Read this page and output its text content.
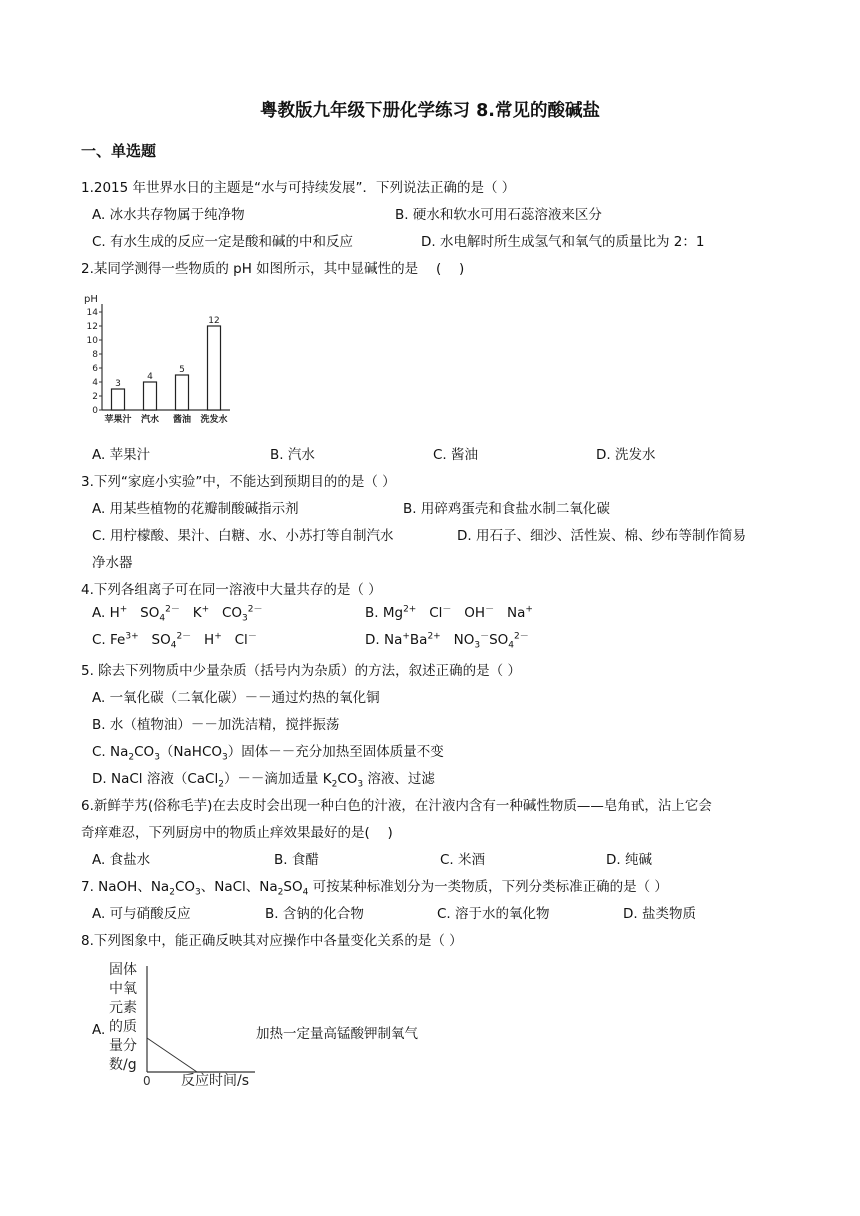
粤教版九年级下册化学练习 8.常见的酸碱盐
一、单选题
1.2015 年世界水日的主题是“水与可持续发展”．下列说法正确的是（ ）
A. 冰水共存物属于纯净物	B. 硬水和软水可用石蕊溶液来区分
C. 有水生成的反应一定是酸和碱的中和反应	D. 水电解时所生成氢气和氧气的质量比为 2：1
2.某同学测得一些物质的 pH 如图所示，其中显碱性的是　 (　 )
pH
14
12
10
8
6
4
2
0
3
苹果汁
4
汽水
5
酱油
12
洗发水
A. 苹果汁	B. 汽水	C. 酱油	D. 洗发水
3.下列“家庭小实验”中，不能达到预期目的的是（ ）
A. 用某些植物的花瓣制酸碱指示剂	B. 用碎鸡蛋壳和食盐水制二氧化碳
C. 用柠檬酸、果汁、白糖、水、小苏打等自制汽水	D. 用石子、细沙、活性炭、棉、纱布等制作简易
净水器
4.下列各组离子可在同一溶液中大量共存的是（ ）
A. H+   $SO_4^{2-}$   K+   $CO_3^{2-}$	B. $Mg^{2+}$   Cl－   OH－   Na+
C. $Fe^{3+}$   $SO_4^{2-}$   H+   Cl－	D. $Na^+Ba^{2+}$   $NO_3^-SO_4^{2-}$
5. 除去下列物质中少量杂质（括号内为杂质）的方法，叙述正确的是（ ）
A. 一氧化碳（二氧化碳）－－通过灼热的氧化铜
B. 水（植物油）－－加洗洁精，搅拌振荡
C. $Na_2CO_3(NaHCO_3)$固体－－充分加热至固体质量不变
D. NaCl 溶液（CaCl$_2$）－－滴加适量 $K_2CO_3$ 溶液、过滤
6.新鲜芋艿(俗称毛芋)在去皮时会出现一种白色的汁液，在汁液内含有一种碱性物质——皂角甙，沾上它会
奇痒难忍，下列厨房中的物质止痒效果最好的是(　 )
A. 食盐水	B. 食醋	C. 米酒	D. 纯碱
7. NaOH、$Na_2CO_3$、NaCl、$Na_2SO_4$ 可按某种标准划分为一类物质，下列分类标准正确的是（ ）
A. 可与硝酸反应	B. 含钠的化合物	C. 溶于水的氧化物	D. 盐类物质
8.下列图象中，能正确反映其对应操作中各量变化关系的是（ ）
A.
固体
中氧
元素
的质
量分
数/g
0 反应时间/s
加热一定量高锰酸钾制氧气
